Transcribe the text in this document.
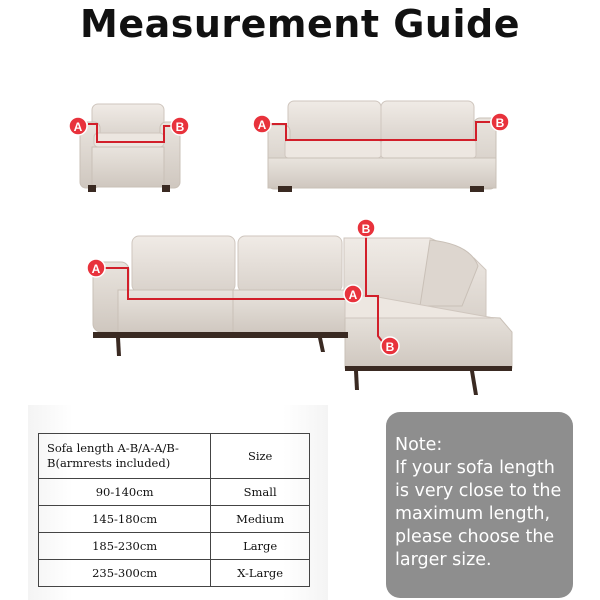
Measurement Guide
A	B	A	B
A
A
B
B
Sofa length A-B/A-A/B-B(armrests included)	Size
90-140cm	Small
145-180cm	Medium
185-230cm	Large
235-300cm	X-Large
Note:
If your sofa length
is very close to the
maximum length,
please choose the
larger size.
